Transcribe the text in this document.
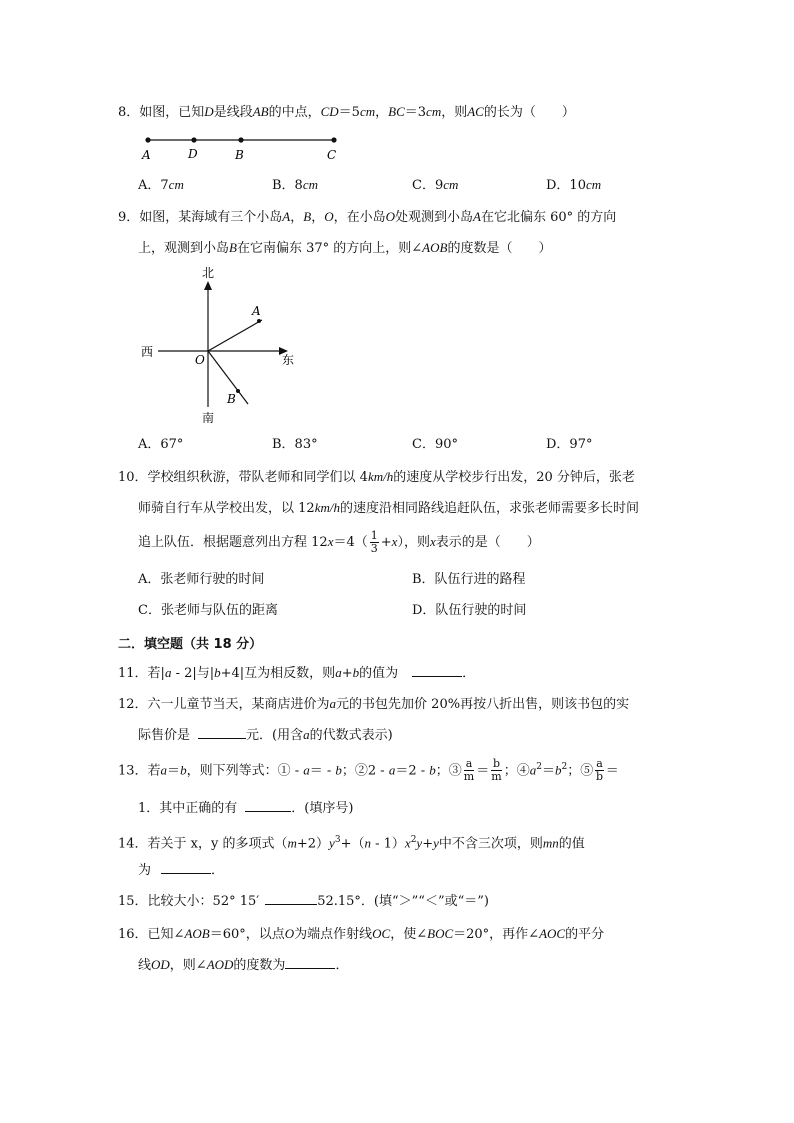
8．如图，已知D是线段AB的中点，CD＝5cm，BC＝3cm，则AC的长为（　　）
A	D	B	C
A．7cm	B．8cm	C．9cm	D．10cm
9．如图，某海域有三个小岛A，B，O，在小岛O处观测到小岛A在它北偏东 60° 的方向
上，观测到小岛B在它南偏东 37° 的方向上，则∠AOB的度数是（　　）
北
南
东
西
A
B
O
A．67°	B．83°	C．90°	D．97°
10．学校组织秋游，带队老师和同学们以 4km/h的速度从学校步行出发，20 分钟后，张老
师骑自行车从学校出发，以 12km/h的速度沿相同路线追赶队伍，求张老师需要多长时间
追上队伍．根据题意列出方程 $12x=4( \frac{1}{3} +x)$，则x表示的是（　　）
A．张老师行驶的时间	B．队伍行进的路程
C．张老师与队伍的距离	D．队伍行驶的时间
二．填空题（共 18 分）
11．若|a - 2|与|b+4|互为相反数，则a+b的值为	．
12．六一儿童节当天，某商店进价为a元的书包先加价 20%再按八折出售，则该书包的实
际售价是	元．(用含a的代数式表示)
13．若a＝b，则下列等式：① - a＝ - b；②2 - a＝2 - b；③ $\frac{a}{m} = \frac{b}{m}$ ；$④a^2=b^2$；⑤ $\frac{a}{b}$ ＝
1．其中正确的有	．(填序号)
14．若关于 x，y 的多项式$(m+2)y^3+(n - 1)x^2y+y$中不含三次项，则mn的值
为	．
15．比较大小：52° 15′	52.15°．(填“＞”“＜”或“＝”)
16．已知∠AOB＝60°，以点O为端点作射线OC，使∠BOC＝20°，再作∠AOC的平分
线OD，则∠AOD的度数为	．
